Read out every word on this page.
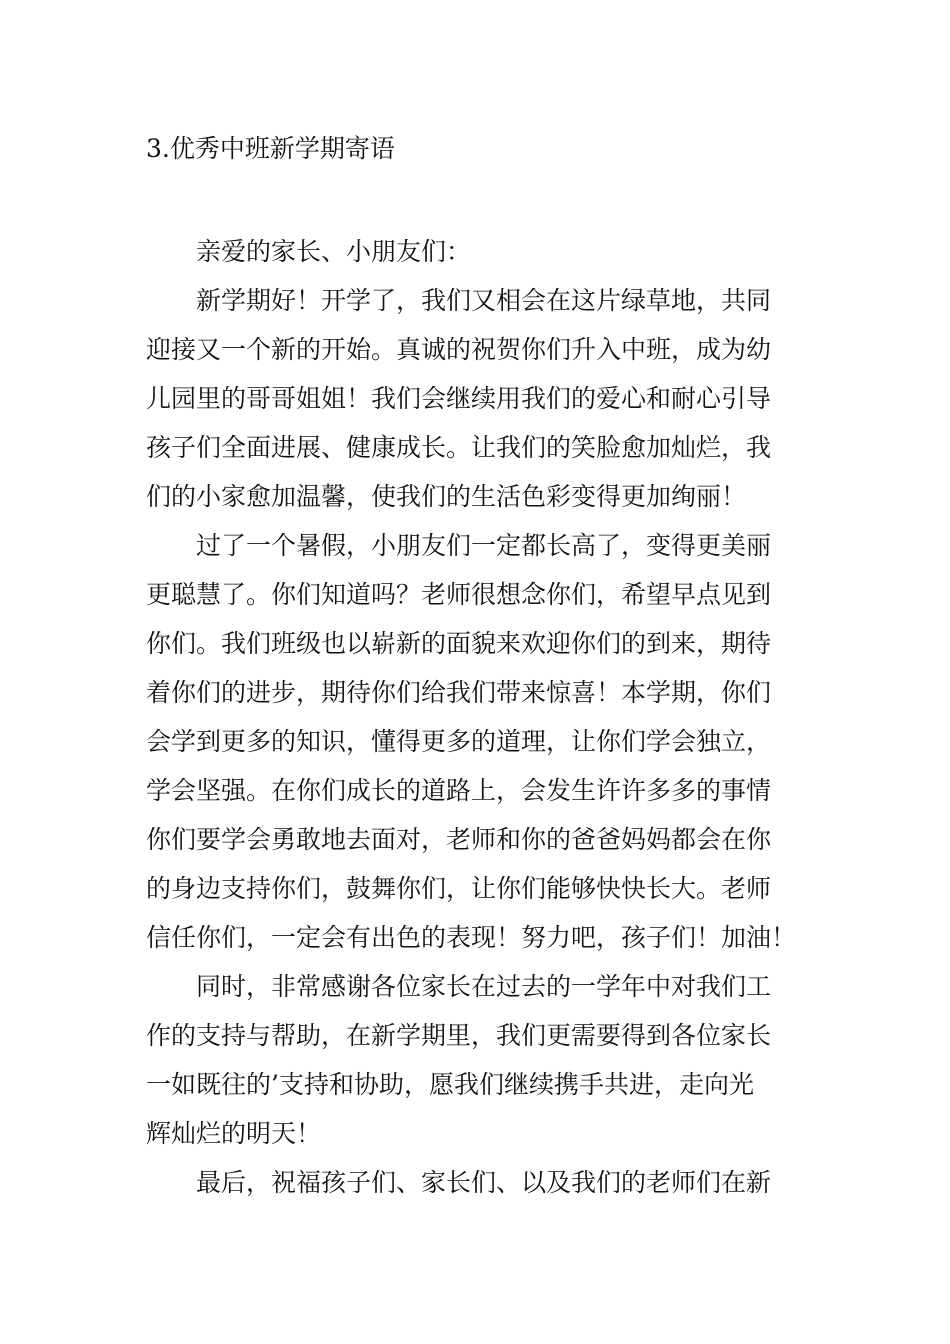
3.优秀中班新学期寄语
亲爱的家长、小朋友们：
新学期好！开学了，我们又相会在这片绿草地，共同
迎接又一个新的开始。真诚的祝贺你们升入中班，成为幼
儿园里的哥哥姐姐！我们会继续用我们的爱心和耐心引导
孩子们全面进展、健康成长。让我们的笑脸愈加灿烂，我
们的小家愈加温馨，使我们的生活色彩变得更加绚丽！
过了一个暑假，小朋友们一定都长高了，变得更美丽
更聪慧了。你们知道吗？老师很想念你们，希望早点见到
你们。我们班级也以崭新的面貌来欢迎你们的到来，期待
着你们的进步，期待你们给我们带来惊喜！本学期，你们
会学到更多的知识，懂得更多的道理，让你们学会独立，
学会坚强。在你们成长的道路上，会发生许许多多的事情
你们要学会勇敢地去面对，老师和你的爸爸妈妈都会在你
的身边支持你们，鼓舞你们，让你们能够快快长大。老师
信任你们，一定会有出色的表现！努力吧，孩子们！加油！
同时，非常感谢各位家长在过去的一学年中对我们工
作的支持与帮助，在新学期里，我们更需要得到各位家长
一如既往的’支持和协助，愿我们继续携手共进，走向光
辉灿烂的明天！
最后，祝福孩子们、家长们、以及我们的老师们在新
